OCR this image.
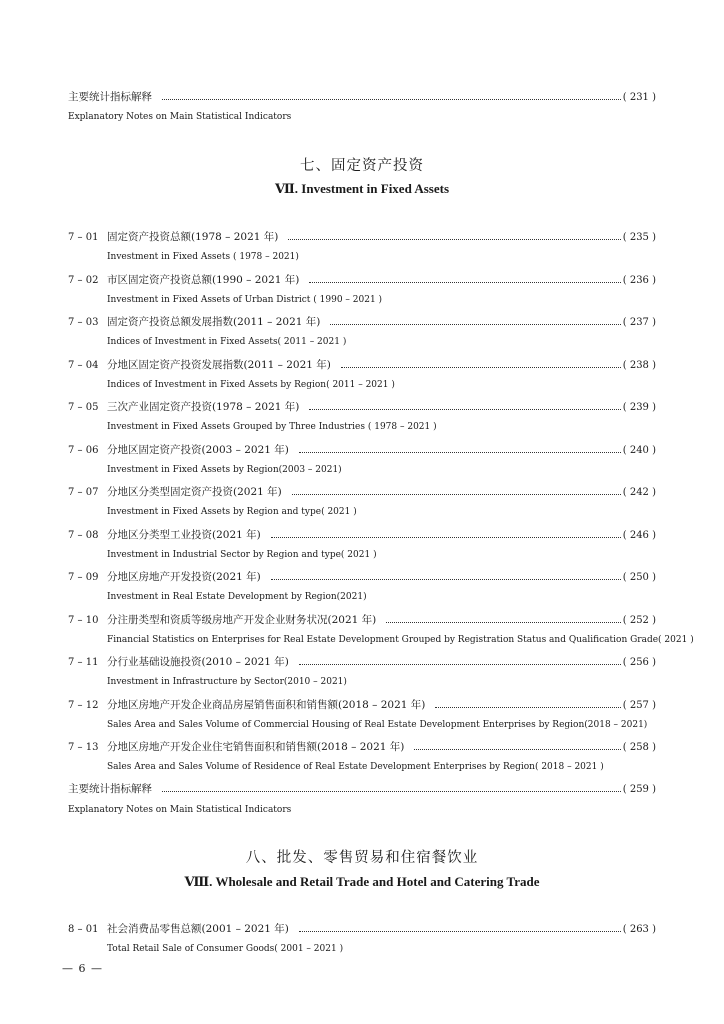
主要统计指标解释	( 231 )
Explanatory Notes on Main Statistical Indicators
七、固定资产投资
Ⅶ. Investment in Fixed Assets
7 – 01 固定资产投资总额(1978 – 2021 年)	( 235 )
Investment in Fixed Assets ( 1978 – 2021)
7 – 02 市区固定资产投资总额(1990 – 2021 年)	( 236 )
Investment in Fixed Assets of Urban District ( 1990 – 2021 )
7 – 03 固定资产投资总额发展指数(2011 – 2021 年)	( 237 )
Indices of Investment in Fixed Assets( 2011 – 2021 )
7 – 04 分地区固定资产投资发展指数(2011 – 2021 年)	( 238 )
Indices of Investment in Fixed Assets by Region( 2011 – 2021 )
7 – 05 三次产业固定资产投资(1978 – 2021 年)	( 239 )
Investment in Fixed Assets Grouped by Three Industries ( 1978 – 2021 )
7 – 06 分地区固定资产投资(2003 – 2021 年)	( 240 )
Investment in Fixed Assets by Region(2003 – 2021)
7 – 07 分地区分类型固定资产投资(2021 年)	( 242 )
Investment in Fixed Assets by Region and type( 2021 )
7 – 08 分地区分类型工业投资(2021 年)	( 246 )
Investment in Industrial Sector by Region and type( 2021 )
7 – 09 分地区房地产开发投资(2021 年)	( 250 )
Investment in Real Estate Development by Region(2021)
7 – 10 分注册类型和资质等级房地产开发企业财务状况(2021 年)	( 252 )
Financial Statistics on Enterprises for Real Estate Development Grouped by Registration Status and Qualification Grade( 2021 )
7 – 11 分行业基础设施投资(2010 – 2021 年)	( 256 )
Investment in Infrastructure by Sector(2010 – 2021)
7 – 12 分地区房地产开发企业商品房屋销售面积和销售额(2018 – 2021 年)	( 257 )
Sales Area and Sales Volume of Commercial Housing of Real Estate Development Enterprises by Region(2018 – 2021)
7 – 13 分地区房地产开发企业住宅销售面积和销售额(2018 – 2021 年)	( 258 )
Sales Area and Sales Volume of Residence of Real Estate Development Enterprises by Region( 2018 – 2021 )
主要统计指标解释	( 259 )
Explanatory Notes on Main Statistical Indicators
八、批发、零售贸易和住宿餐饮业
Ⅷ. Wholesale and Retail Trade and Hotel and Catering Trade
8 – 01 社会消费品零售总额(2001 – 2021 年)	( 263 )
Total Retail Sale of Consumer Goods( 2001 – 2021 )
— 6 —
